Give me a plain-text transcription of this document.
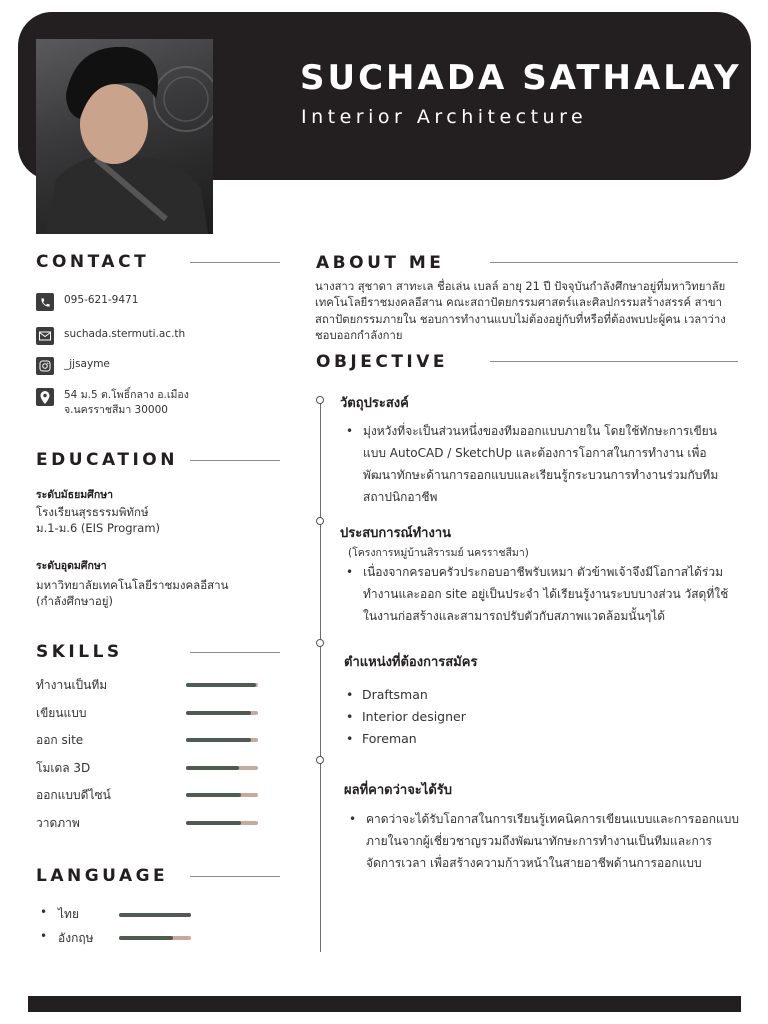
SUCHADA SATHALAY
Interior Architecture
CONTACT
095-621-9471
suchada.stermuti.ac.th
_jjsayme
54 ม.5 ต.โพธิ์กลาง อ.เมือง
จ.นครราชสีมา 30000
EDUCATION
ระดับมัธยมศึกษา
โรงเรียนสุรธรรมพิทักษ์
ม.1-ม.6 (EIS Program)
ระดับอุดมศึกษา
มหาวิทยาลัยเทคโนโลยีราชมงคลอีสาน
(กำลังศึกษาอยู่)
SKILLS
ทำงานเป็นทีม
เขียนแบบ
ออก site
โมเดล 3D
ออกแบบดีไซน์
วาดภาพ
LANGUAGE
• ไทย
• อังกฤษ
ABOUT ME
นางสาว สุชาดา สาทะเล ชื่อเล่น เบลล์ อายุ 21 ปี ปัจจุบันกำลังศึกษาอยู่ที่มหาวิทยาลัยเทคโนโลยีราชมงคลอีสาน คณะสถาปัตยกรรมศาสตร์และศิลปกรรมสร้างสรรค์ สาขาสถาปัตยกรรมภายใน ชอบการทำงานแบบไม่ต้องอยู่กับที่หรือที่ต้องพบปะผู้คน เวลาว่างชอบออกกำลังกาย
OBJECTIVE
วัตถุประสงค์
• มุ่งหวังที่จะเป็นส่วนหนึ่งของทีมออกแบบภายใน โดยใช้ทักษะการเขียนแบบ AutoCAD / SketchUp และต้องการโอกาสในการทำงาน เพื่อพัฒนาทักษะด้านการออกแบบและเรียนรู้กระบวนการทำงานร่วมกับทีมสถาปนิกอาชีพ
ประสบการณ์ทำงาน
(โครงการหมู่บ้านสิรารมย์ นครราชสีมา)
• เนื่องจากครอบครัวประกอบอาชีพรับเหมา ตัวข้าพเจ้าจึงมีโอกาสได้ร่วมทำงานและออก site อยู่เป็นประจำ ได้เรียนรู้งานระบบบางส่วน วัสดุที่ใช้ในงานก่อสร้างและสามารถปรับตัวกับสภาพแวดล้อมนั้นๆได้
ตำแหน่งที่ต้องการสมัคร
• Draftsman
• Interior designer
• Foreman
ผลที่คาดว่าจะได้รับ
• คาดว่าจะได้รับโอกาสในการเรียนรู้เทคนิคการเขียนแบบและการออกแบบภายในจากผู้เชี่ยวชาญรวมถึงพัฒนาทักษะการทำงานเป็นทีมและการจัดการเวลา เพื่อสร้างความก้าวหน้าในสายอาชีพด้านการออกแบบ
